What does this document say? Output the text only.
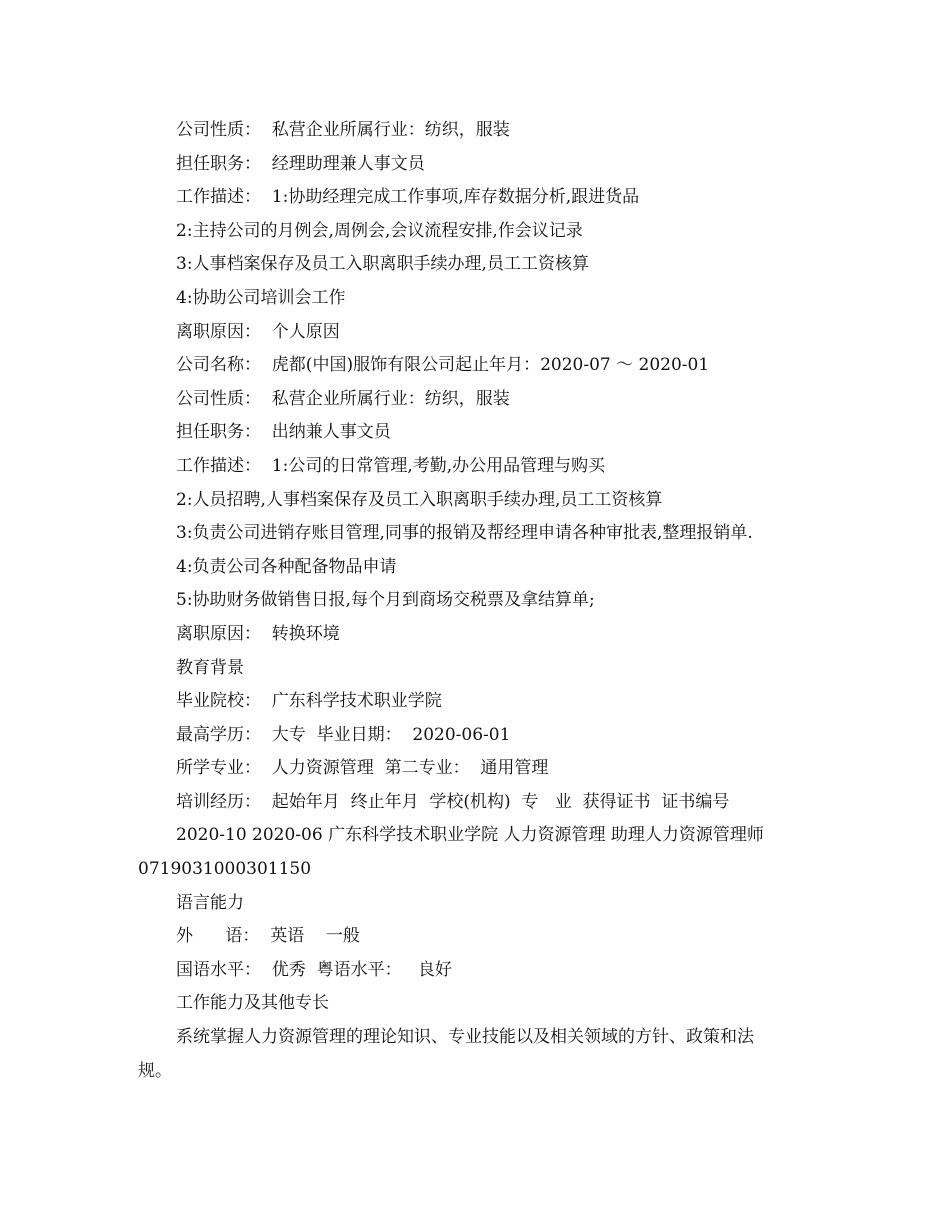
公司性质：  私营企业所属行业：纺织，服装
担任职务：  经理助理兼人事文员
工作描述：  1:协助经理完成工作事项,库存数据分析,跟进货品
2:主持公司的月例会,周例会,会议流程安排,作会议记录
3:人事档案保存及员工入职离职手续办理,员工工资核算
4:协助公司培训会工作
离职原因：  个人原因
公司名称：  虎都(中国)服饰有限公司起止年月：2020-07 ～ 2020-01
公司性质：  私营企业所属行业：纺织，服装
担任职务：  出纳兼人事文员
工作描述：  1:公司的日常管理,考勤,办公用品管理与购买
2:人员招聘,人事档案保存及员工入职离职手续办理,员工工资核算
3:负责公司进销存账目管理,同事的报销及帮经理申请各种审批表,整理报销单.
4:负责公司各种配备物品申请
5:协助财务做销售日报,每个月到商场交税票及拿结算单;
离职原因：  转换环境
教育背景
毕业院校：  广东科学技术职业学院
最高学历：  大专  毕业日期：  2020-06-01
所学专业：  人力资源管理  第二专业：  通用管理
培训经历：  起始年月  终止年月  学校(机构)  专   业  获得证书  证书编号
2020-10 2020-06 广东科学技术职业学院 人力资源管理 助理人力资源管理师
0719031000301150
语言能力
外      语：  英语    一般
国语水平：  优秀  粤语水平：   良好
工作能力及其他专长
系统掌握人力资源管理的理论知识、专业技能以及相关领域的方针、政策和法
规。
